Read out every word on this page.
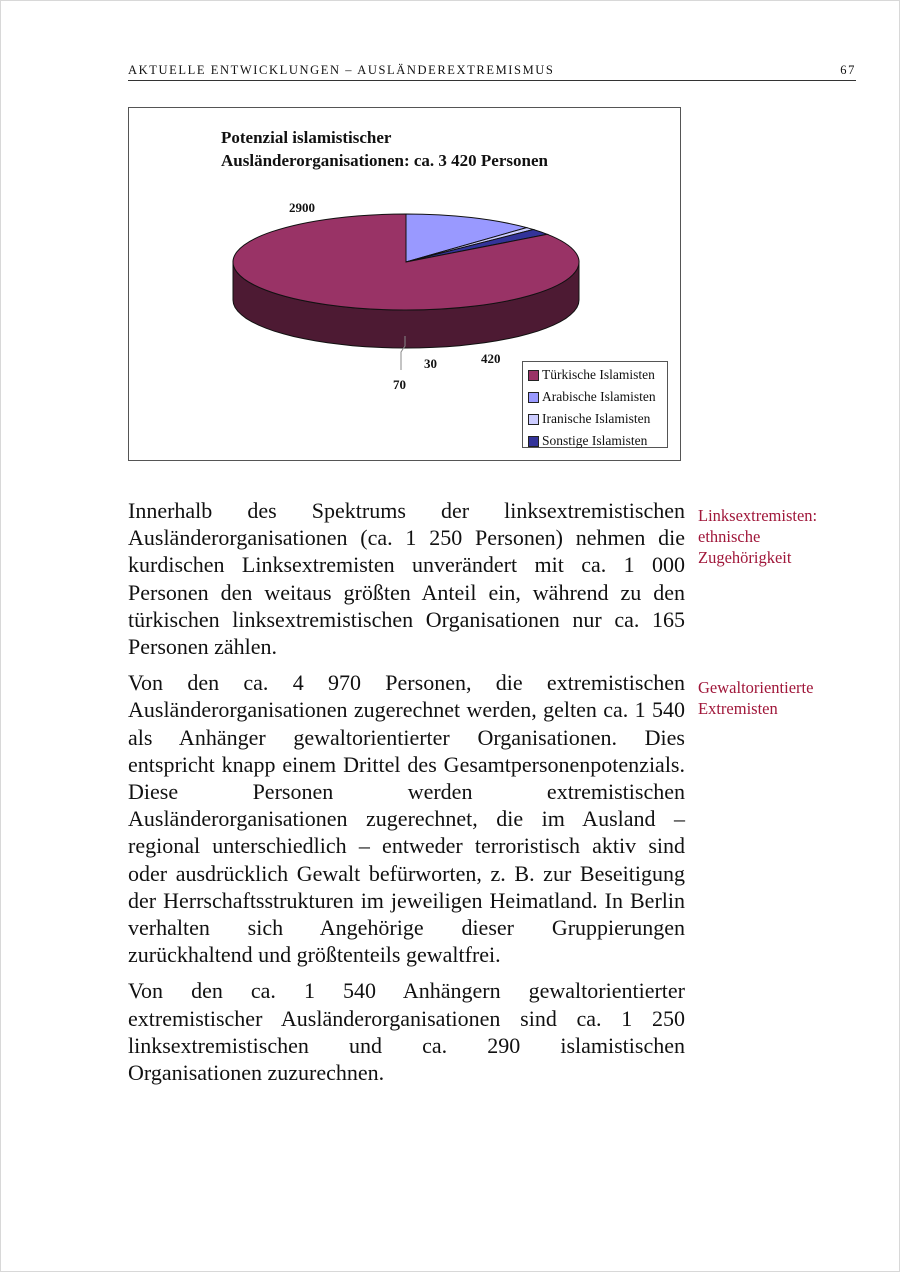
AKTUELLE ENTWICKLUNGEN – AUSLÄNDEREXTREMISMUS	67
Potenzial islamistischer
Ausländerorganisationen: ca. 3 420 Personen
2900
420
30
70
Türkische Islamisten
Arabische Islamisten
Iranische Islamisten
Sonstige Islamisten

Innerhalb des Spektrums der linksextremistischen Ausländerorganisationen (ca. 1 250 Personen) nehmen die kurdischen Linksextremisten unverändert mit ca. 1 000 Personen den weitaus größten Anteil ein, während zu den türkischen linksextremistischen Organisationen nur ca. 165 Personen zählen.

Von den ca. 4 970 Personen, die extremistischen Ausländerorganisationen zugerechnet werden, gelten ca. 1 540 als Anhänger gewaltorientierter Organisationen. Dies entspricht knapp einem Drittel des Gesamtpersonenpotenzials. Diese Personen werden extremistischen Ausländerorganisationen zugerechnet, die im Ausland – regional unterschiedlich – entweder terroristisch aktiv sind oder ausdrücklich Gewalt befürworten, z. B. zur Beseitigung der Herrschaftsstrukturen im jeweiligen Heimatland. In Berlin verhalten sich Angehörige dieser Gruppierungen zurückhaltend und größtenteils gewaltfrei.

Von den ca. 1 540 Anhängern gewaltorientierter extremistischer Ausländerorganisationen sind ca. 1 250 linksextremistischen und ca. 290 islamistischen Organisationen zuzurechnen.

Linksextremisten: ethnische Zugehörigkeit
Gewaltorientierte Extremisten
